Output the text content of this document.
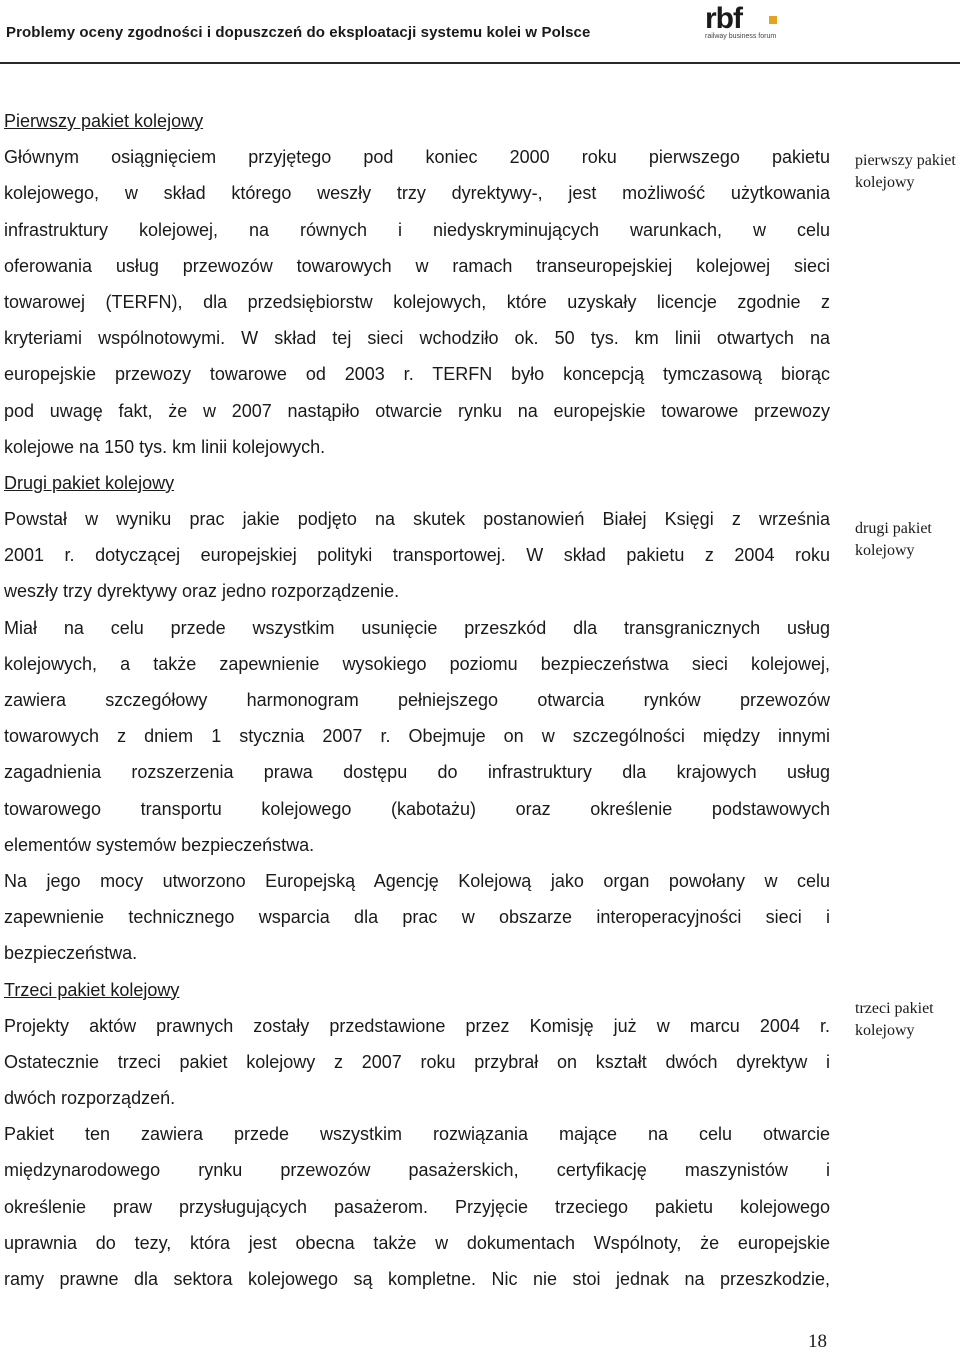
Problemy oceny zgodności i dopuszczeń do eksploatacji systemu kolei w Polsce	rbf
railway business forum
Pierwszy pakiet kolejowy
Głównym osiągnięciem przyjętego pod koniec 2000 roku pierwszego pakietu
kolejowego, w skład którego weszły trzy dyrektywy-, jest możliwość użytkowania
infrastruktury kolejowej, na równych i niedyskryminujących warunkach, w celu
oferowania usług przewozów towarowych w ramach transeuropejskiej kolejowej sieci
towarowej (TERFN), dla przedsiębiorstw kolejowych, które uzyskały licencje zgodnie z
kryteriami wspólnotowymi. W skład tej sieci wchodziło ok. 50 tys. km linii otwartych na
europejskie przewozy towarowe od 2003 r. TERFN było koncepcją tymczasową biorąc
pod uwagę fakt, że w 2007 nastąpiło otwarcie rynku na europejskie towarowe przewozy
kolejowe na 150 tys. km linii kolejowych.
Drugi pakiet kolejowy
Powstał w wyniku prac jakie podjęto na skutek postanowień Białej Księgi z września
2001 r. dotyczącej europejskiej polityki transportowej. W skład pakietu z 2004 roku
weszły trzy dyrektywy oraz jedno rozporządzenie.
Miał na celu przede wszystkim usunięcie przeszkód dla transgranicznych usług
kolejowych, a także zapewnienie wysokiego poziomu bezpieczeństwa sieci kolejowej,
zawiera szczegółowy harmonogram pełniejszego otwarcia rynków przewozów
towarowych z dniem 1 stycznia 2007 r. Obejmuje on w szczególności między innymi
zagadnienia rozszerzenia prawa dostępu do infrastruktury dla krajowych usług
towarowego transportu kolejowego (kabotażu) oraz określenie podstawowych
elementów systemów bezpieczeństwa.
Na jego mocy utworzono Europejską Agencję Kolejową jako organ powołany w celu
zapewnienie technicznego wsparcia dla prac w obszarze interoperacyjności sieci i
bezpieczeństwa.
Trzeci pakiet kolejowy
Projekty aktów prawnych zostały przedstawione przez Komisję już w marcu 2004 r.
Ostatecznie trzeci pakiet kolejowy z 2007 roku przybrał on kształt dwóch dyrektyw i
dwóch rozporządzeń.
Pakiet ten zawiera przede wszystkim rozwiązania mające na celu otwarcie
międzynarodowego rynku przewozów pasażerskich, certyfikację maszynistów i
określenie praw przysługujących pasażerom. Przyjęcie trzeciego pakietu kolejowego
uprawnia do tezy, która jest obecna także w dokumentach Wspólnoty, że europejskie
ramy prawne dla sektora kolejowego są kompletne. Nic nie stoi jednak na przeszkodzie,
pierwszy pakiet kolejowy
drugi pakiet kolejowy
trzeci pakiet kolejowy
18
